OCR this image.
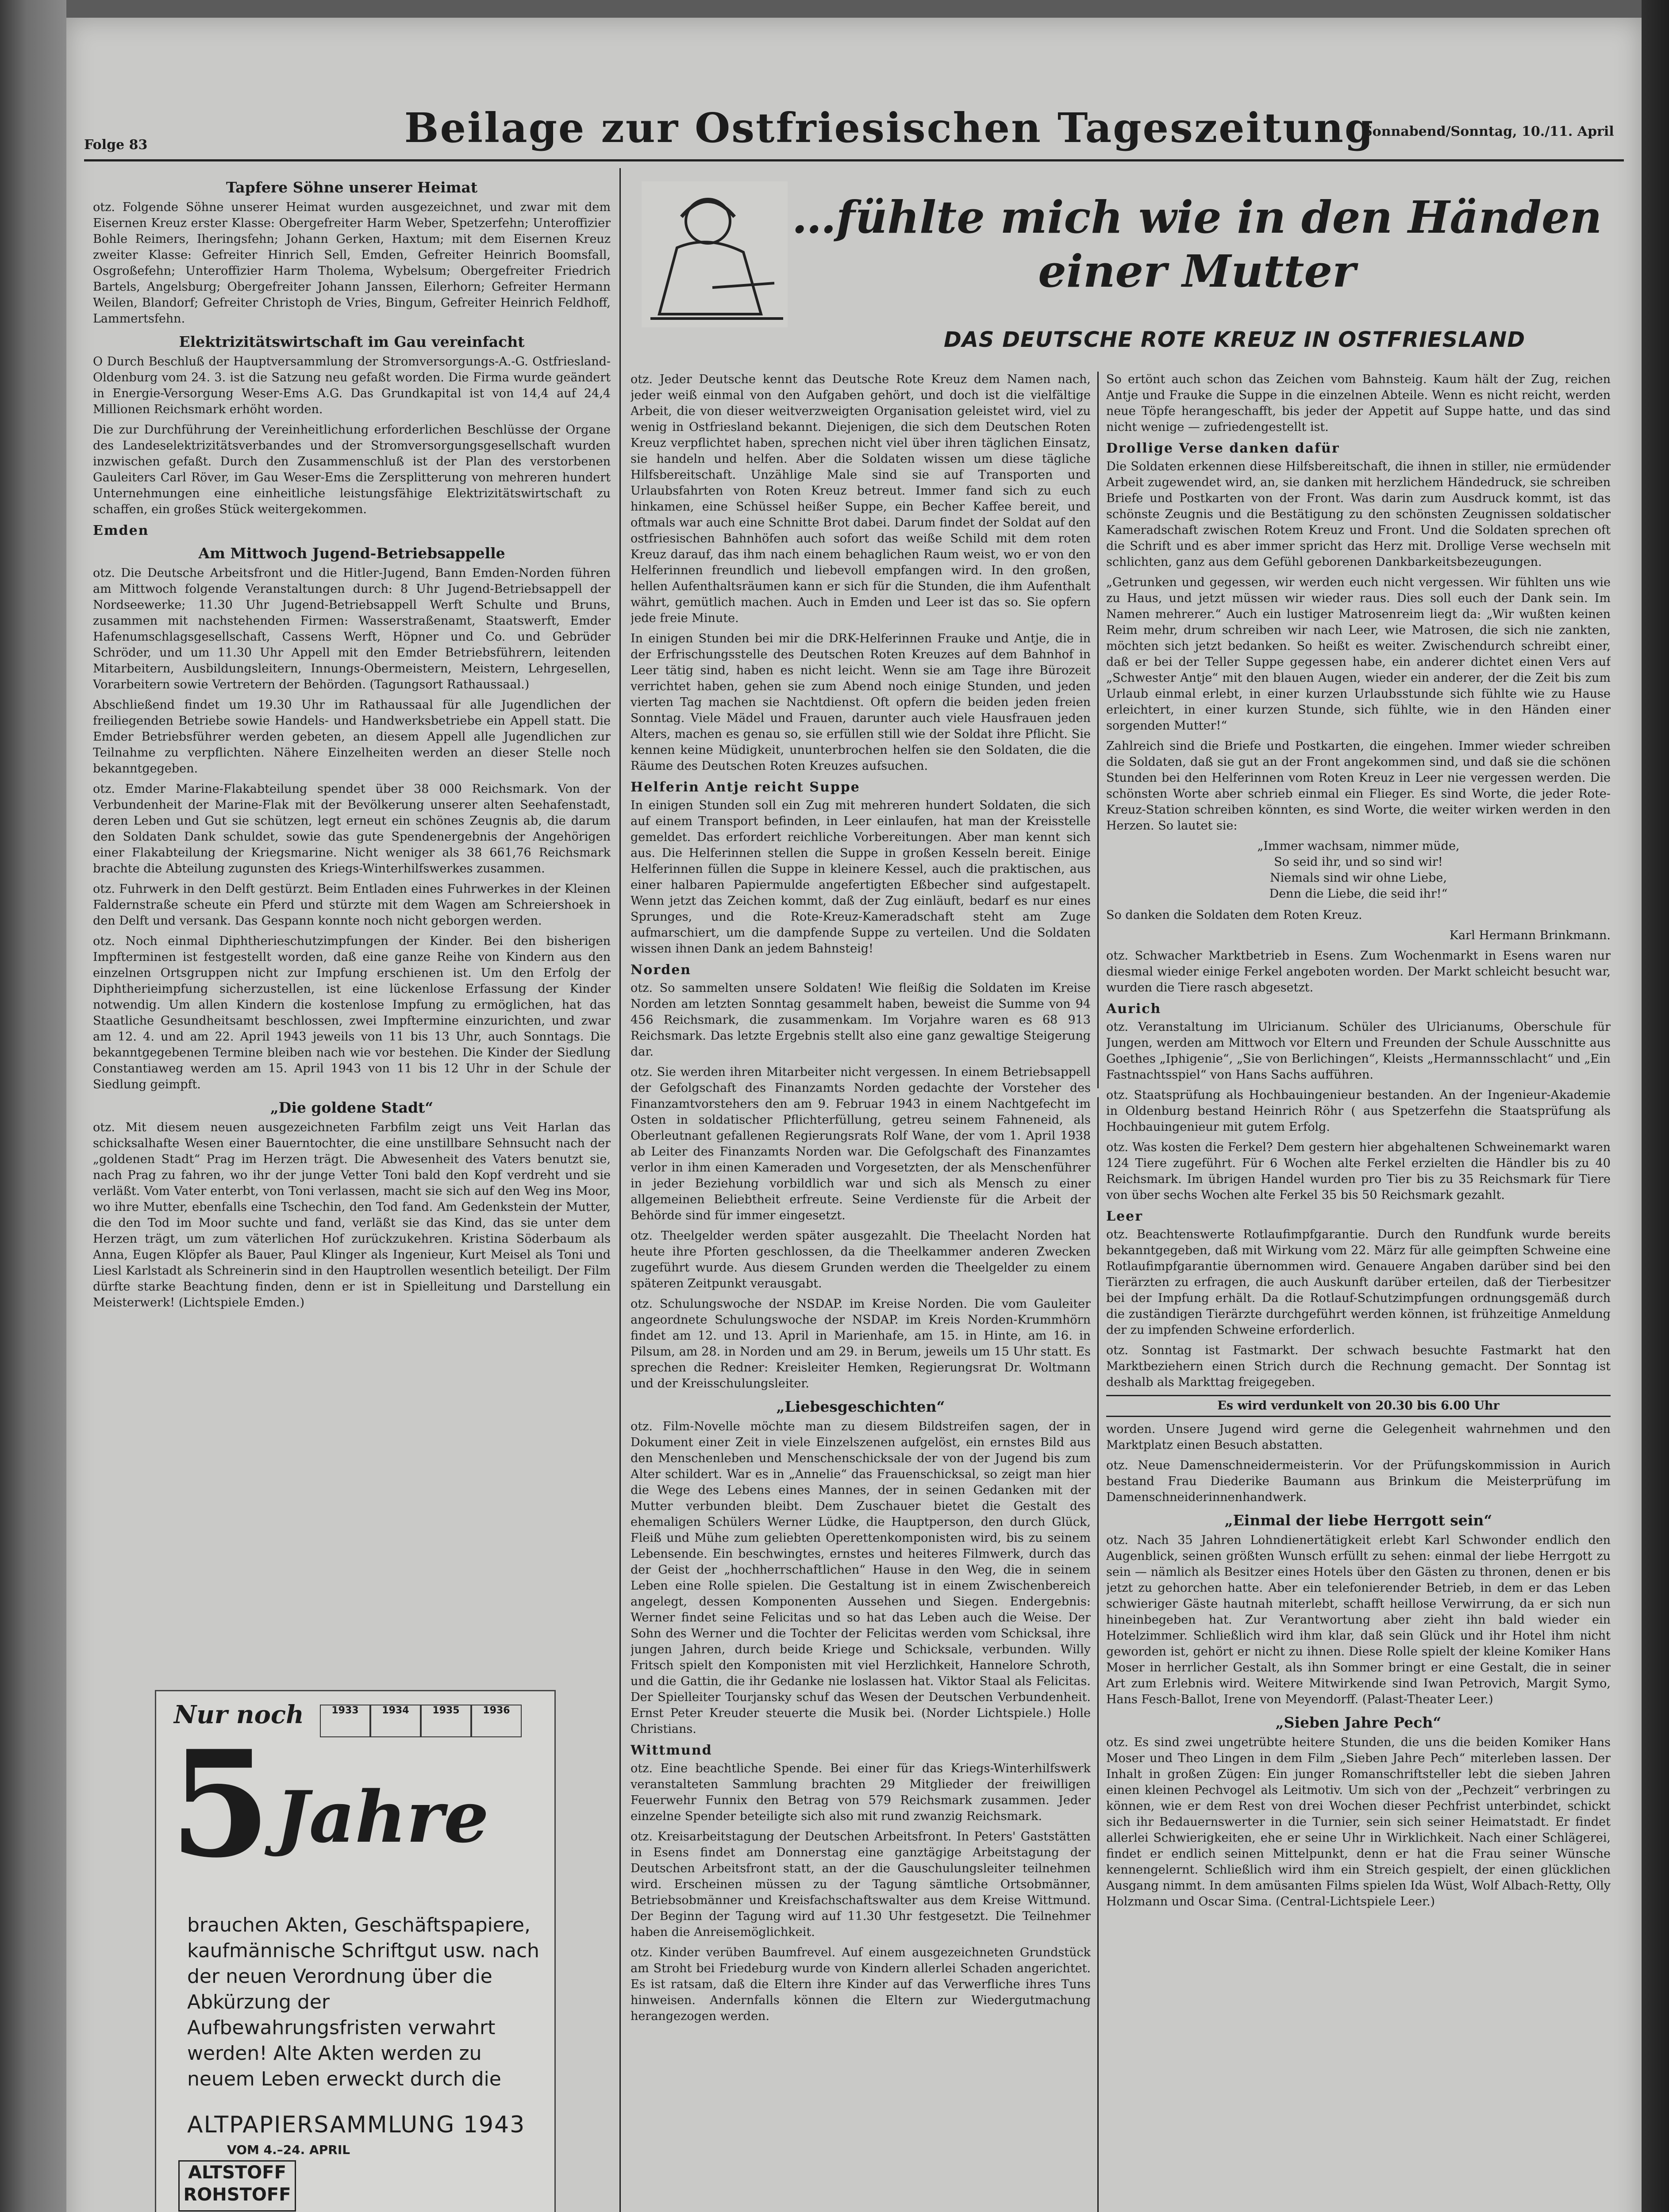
Folge 83	Beilage zur Ostfriesischen Tageszeitung
Sonnabend/Sonntag, 10./11. April
Tapfere Söhne unserer Heimat

otz. Folgende Söhne unserer Heimat wurden ausgezeichnet, und zwar mit dem Eisernen Kreuz erster Klasse: Obergefreiter Harm Weber, Spetzerfehn; Unteroffizier Bohle Reimers, Iheringsfehn; Johann Gerken, Haxtum; mit dem Eisernen Kreuz zweiter Klasse: Gefreiter Hinrich Sell, Emden, Gefreiter Heinrich Boomsfall, Osgroßefehn; Unteroffizier Harm Tholema, Wybelsum; Obergefreiter Friedrich Bartels, Angelsburg; Obergefreiter Johann Janssen, Eilerhorn; Gefreiter Hermann Weilen, Blandorf; Gefreiter Christoph de Vries, Bingum, Gefreiter Heinrich Feldhoff, Lammertsfehn.

Elektrizitätswirtschaft im Gau vereinfacht

O Durch Beschluß der Hauptversammlung der Stromversorgungs-A.-G. Ostfriesland-Oldenburg vom 24. 3. ist die Satzung neu gefaßt worden. Die Firma wurde geändert in Energie-Versorgung Weser-Ems A.G. Das Grundkapital ist von 14,4 auf 24,4 Millionen Reichsmark erhöht worden.

Die zur Durchführung der Vereinheitlichung erforderlichen Beschlüsse der Organe des Landeselektrizitätsverbandes und der Stromversorgungsgesellschaft wurden inzwischen gefaßt. Durch den Zusammenschluß ist der Plan des verstorbenen Gauleiters Carl Röver, im Gau Weser-Ems die Zersplitterung von mehreren hundert Unternehmungen eine einheitliche leistungsfähige Elektrizitätswirtschaft zu schaffen, ein großes Stück weitergekommen.

Emden
Am Mittwoch Jugend-Betriebsappelle

otz. Die Deutsche Arbeitsfront und die Hitler-Jugend, Bann Emden-Norden führen am Mittwoch folgende Veranstaltungen durch: 8 Uhr Jugend-Betriebsappell der Nordseewerke; 11.30 Uhr Jugend-Betriebsappell Werft Schulte und Bruns, zusammen mit nachstehenden Firmen: Wasserstraßenamt, Staatswerft, Emder Hafenumschlagsgesellschaft, Cassens Werft, Höpner und Co. und Gebrüder Schröder, und um 11.30 Uhr Appell mit den Emder Betriebsführern, leitenden Mitarbeitern, Ausbildungsleitern, Innungs-Obermeistern, Meistern, Lehrgesellen, Vorarbeitern sowie Vertretern der Behörden. (Tagungsort Rathaussaal.)

Abschließend findet um 19.30 Uhr im Rathaussaal für alle Jugendlichen der freiliegenden Betriebe sowie Handels- und Handwerksbetriebe ein Appell statt. Die Emder Betriebsführer werden gebeten, an diesem Appell alle Jugendlichen zur Teilnahme zu verpflichten. Nähere Einzelheiten werden an dieser Stelle noch bekanntgegeben.

otz. Emder Marine-Flakabteilung spendet über 38 000 Reichsmark. Von der Verbundenheit der Marine-Flak mit der Bevölkerung unserer alten Seehafenstadt, deren Leben und Gut sie schützen, legt erneut ein schönes Zeugnis ab, die darum den Soldaten Dank schuldet, sowie das gute Spendenergebnis der Angehörigen einer Flakabteilung der Kriegsmarine. Nicht weniger als 38 661,76 Reichsmark brachte die Abteilung zugunsten des Kriegs-Winterhilfswerkes zusammen.

otz. Fuhrwerk in den Delft gestürzt. Beim Entladen eines Fuhrwerkes in der Kleinen Faldernstraße scheute ein Pferd und stürzte mit dem Wagen am Schreiershoek in den Delft und versank. Das Gespann konnte noch nicht geborgen werden.

otz. Noch einmal Diphtherieschutzimpfungen der Kinder. Bei den bisherigen Impfterminen ist festgestellt worden, daß eine ganze Reihe von Kindern aus den einzelnen Ortsgruppen nicht zur Impfung erschienen ist. Um den Erfolg der Diphtherieimpfung sicherzustellen, ist eine lückenlose Erfassung der Kinder notwendig. Um allen Kindern die kostenlose Impfung zu ermöglichen, hat das Staatliche Gesundheitsamt beschlossen, zwei Impftermine einzurichten, und zwar am 12. 4. und am 22. April 1943 jeweils von 11 bis 13 Uhr, auch Sonntags. Die bekanntgegebenen Termine bleiben nach wie vor bestehen. Die Kinder der Siedlung Constantiaweg werden am 15. April 1943 von 11 bis 12 Uhr in der Schule der Siedlung geimpft.

„Die goldene Stadt“

otz. Mit diesem neuen ausgezeichneten Farbfilm zeigt uns Veit Harlan das schicksalhafte Wesen einer Bauerntochter, die eine unstillbare Sehnsucht nach der „goldenen Stadt“ Prag im Herzen trägt. Die Abwesenheit des Vaters benutzt sie, nach Prag zu fahren, wo ihr der junge Vetter Toni bald den Kopf verdreht und sie verläßt. Vom Vater enterbt, von Toni verlassen, macht sie sich auf den Weg ins Moor, wo ihre Mutter, ebenfalls eine Tschechin, den Tod fand. Am Gedenkstein der Mutter, die den Tod im Moor suchte und fand, verläßt sie das Kind, das sie unter dem Herzen trägt, um zum väterlichen Hof zurückzukehren. Kristina Söderbaum als Anna, Eugen Klöpfer als Bauer, Paul Klinger als Ingenieur, Kurt Meisel als Toni und Liesl Karlstadt als Schreinerin sind in den Hauptrollen wesentlich beteiligt. Der Film dürfte starke Beachtung finden, denn er ist in Spielleitung und Darstellung ein Meisterwerk! (Lichtspiele Emden.)

Nur noch	1933	1934	1935	1936
5 Jahre
brauchen Akten, Geschäftspapiere, kaufmännische Schriftgut usw. nach der neuen Verordnung über die Abkürzung der Aufbewahrungsfristen verwahrt werden! Alte Akten werden zu neuem Leben erweckt durch die
ALTPAPIERSAMMLUNG 1943
VOM 4.–24. APRIL
ALTSTOFF
ROHSTOFF
…fühlte mich wie in den Händen einer Mutter
DAS DEUTSCHE ROTE KREUZ IN OSTFRIESLAND

otz. Jeder Deutsche kennt das Deutsche Rote Kreuz dem Namen nach, jeder weiß einmal von den Aufgaben gehört, und doch ist die vielfältige Arbeit, die von dieser weitverzweigten Organisation geleistet wird, viel zu wenig in Ostfriesland bekannt. Diejenigen, die sich dem Deutschen Roten Kreuz verpflichtet haben, sprechen nicht viel über ihren täglichen Einsatz, sie handeln und helfen. Aber die Soldaten wissen um diese tägliche Hilfsbereitschaft. Unzählige Male sind sie auf Transporten und Urlaubsfahrten von Roten Kreuz betreut. Immer fand sich zu euch hinkamen, eine Schüssel heißer Suppe, ein Becher Kaffee bereit, und oftmals war auch eine Schnitte Brot dabei. Darum findet der Soldat auf den ostfriesischen Bahnhöfen auch sofort das weiße Schild mit dem roten Kreuz darauf, das ihm nach einem behaglichen Raum weist, wo er von den Helferinnen freundlich und liebevoll empfangen wird. In den großen, hellen Aufenthaltsräumen kann er sich für die Stunden, die ihm Aufenthalt währt, gemütlich machen. Auch in Emden und Leer ist das so. Sie opfern jede freie Minute.

In einigen Stunden bei mir die DRK-Helferinnen Frauke und Antje, die in der Erfrischungsstelle des Deutschen Roten Kreuzes auf dem Bahnhof in Leer tätig sind, haben es nicht leicht. Wenn sie am Tage ihre Bürozeit verrichtet haben, gehen sie zum Abend noch einige Stunden, und jeden vierten Tag machen sie Nachtdienst. Oft opfern die beiden jeden freien Sonntag. Viele Mädel und Frauen, darunter auch viele Hausfrauen jeden Alters, machen es genau so, sie erfüllen still wie der Soldat ihre Pflicht. Sie kennen keine Müdigkeit, ununterbrochen helfen sie den Soldaten, die die Räume des Deutschen Roten Kreuzes aufsuchen.

Helferin Antje reicht Suppe

In einigen Stunden soll ein Zug mit mehreren hundert Soldaten, die sich auf einem Transport befinden, in Leer einlaufen, hat man der Kreisstelle gemeldet. Das erfordert reichliche Vorbereitungen. Aber man kennt sich aus. Die Helferinnen stellen die Suppe in großen Kesseln bereit. Einige Helferinnen füllen die Suppe in kleinere Kessel, auch die praktischen, aus einer halbaren Papiermulde angefertigten Eßbecher sind aufgestapelt. Wenn jetzt das Zeichen kommt, daß der Zug einläuft, bedarf es nur eines Sprunges, und die Rote-Kreuz-Kameradschaft steht am Zuge aufmarschiert, um die dampfende Suppe zu verteilen. Und die Soldaten wissen ihnen Dank an jedem Bahnsteig!

Norden

otz. So sammelten unsere Soldaten! Wie fleißig die Soldaten im Kreise Norden am letzten Sonntag gesammelt haben, beweist die Summe von 94 456 Reichsmark, die zusammenkam. Im Vorjahre waren es 68 913 Reichsmark. Das letzte Ergebnis stellt also eine ganz gewaltige Steigerung dar.

otz. Sie werden ihren Mitarbeiter nicht vergessen. In einem Betriebsappell der Gefolgschaft des Finanzamts Norden gedachte der Vorsteher des Finanzamtvorstehers den am 9. Februar 1943 in einem Nachtgefecht im Osten in soldatischer Pflichterfüllung, getreu seinem Fahneneid, als Oberleutnant gefallenen Regierungsrats Rolf Wane, der vom 1. April 1938 ab Leiter des Finanzamts Norden war. Die Gefolgschaft des Finanzamtes verlor in ihm einen Kameraden und Vorgesetzten, der als Menschenführer in jeder Beziehung vorbildlich war und sich als Mensch zu einer allgemeinen Beliebtheit erfreute. Seine Verdienste für die Arbeit der Behörde sind für immer eingesetzt.

otz. Theelgelder werden später ausgezahlt. Die Theelacht Norden hat heute ihre Pforten geschlossen, da die Theelkammer anderen Zwecken zugeführt wurde. Aus diesem Grunden werden die Theelgelder zu einem späteren Zeitpunkt verausgabt.

otz. Schulungswoche der NSDAP. im Kreise Norden. Die vom Gauleiter angeordnete Schulungswoche der NSDAP. im Kreis Norden-Krummhörn findet am 12. und 13. April in Marienhafe, am 15. in Hinte, am 16. in Pilsum, am 28. in Norden und am 29. in Berum, jeweils um 15 Uhr statt. Es sprechen die Redner: Kreisleiter Hemken, Regierungsrat Dr. Woltmann und der Kreisschulungsleiter.

„Liebesgeschichten“

otz. Film-Novelle möchte man zu diesem Bildstreifen sagen, der in Dokument einer Zeit in viele Einzelszenen aufgelöst, ein ernstes Bild aus den Menschenleben und Menschenschicksale der von der Jugend bis zum Alter schildert. War es in „Annelie“ das Frauenschicksal, so zeigt man hier die Wege des Lebens eines Mannes, der in seinen Gedanken mit der Mutter verbunden bleibt. Dem Zuschauer bietet die Gestalt des ehemaligen Schülers Werner Lüdke, die Hauptperson, den durch Glück, Fleiß und Mühe zum geliebten Operettenkomponisten wird, bis zu seinem Lebensende. Ein beschwingtes, ernstes und heiteres Filmwerk, durch das der Geist der „hochherrschaftlichen“ Hause in den Weg, die in seinem Leben eine Rolle spielen. Die Gestaltung ist in einem Zwischenbereich angelegt, dessen Komponenten Aussehen und Siegen. Endergebnis: Werner findet seine Felicitas und so hat das Leben auch die Weise. Der Sohn des Werner und die Tochter der Felicitas werden vom Schicksal, ihre jungen Jahren, durch beide Kriege und Schicksale, verbunden. Willy Fritsch spielt den Komponisten mit viel Herzlichkeit, Hannelore Schroth, und die Gattin, die ihr Gedanke nie loslassen hat. Viktor Staal als Felicitas. Der Spielleiter Tourjansky schuf das Wesen der Deutschen Verbundenheit. Ernst Peter Kreuder steuerte die Musik bei. (Norder Lichtspiele.) Holle Christians.

Wittmund

otz. Eine beachtliche Spende. Bei einer für das Kriegs-Winterhilfswerk veranstalteten Sammlung brachten 29 Mitglieder der freiwilligen Feuerwehr Funnix den Betrag von 579 Reichsmark zusammen. Jeder einzelne Spender beteiligte sich also mit rund zwanzig Reichsmark.

otz. Kreisarbeitstagung der Deutschen Arbeitsfront. In Peters' Gaststätten in Esens findet am Donnerstag eine ganztägige Arbeitstagung der Deutschen Arbeitsfront statt, an der die Gauschulungsleiter teilnehmen wird. Erscheinen müssen zu der Tagung sämtliche Ortsobmänner, Betriebsobmänner und Kreisfachschaftswalter aus dem Kreise Wittmund. Der Beginn der Tagung wird auf 11.30 Uhr festgesetzt. Die Teilnehmer haben die Anreisemöglichkeit.

otz. Kinder verüben Baumfrevel. Auf einem ausgezeichneten Grundstück am Stroht bei Friedeburg wurde von Kindern allerlei Schaden angerichtet. Es ist ratsam, daß die Eltern ihre Kinder auf das Verwerfliche ihres Tuns hinweisen. Andernfalls können die Eltern zur Wiedergutmachung herangezogen werden.

So ertönt auch schon das Zeichen vom Bahnsteig. Kaum hält der Zug, reichen Antje und Frauke die Suppe in die einzelnen Abteile. Wenn es nicht reicht, werden neue Töpfe herangeschafft, bis jeder der Appetit auf Suppe hatte, und das sind nicht wenige — zufriedengestellt ist.

Drollige Verse danken dafür

Die Soldaten erkennen diese Hilfsbereitschaft, die ihnen in stiller, nie ermüdender Arbeit zugewendet wird, an, sie danken mit herzlichem Händedruck, sie schreiben Briefe und Postkarten von der Front. Was darin zum Ausdruck kommt, ist das schönste Zeugnis und die Bestätigung zu den schönsten Zeugnissen soldatischer Kameradschaft zwischen Rotem Kreuz und Front. Und die Soldaten sprechen oft die Schrift und es aber immer spricht das Herz mit. Drollige Verse wechseln mit schlichten, ganz aus dem Gefühl geborenen Dankbarkeitsbezeugungen.

„Getrunken und gegessen, wir werden euch nicht vergessen. Wir fühlten uns wie zu Haus, und jetzt müssen wir wieder raus. Dies soll euch der Dank sein. Im Namen mehrerer.“ Auch ein lustiger Matrosenreim liegt da: „Wir wußten keinen Reim mehr, drum schreiben wir nach Leer, wie Matrosen, die sich nie zankten, möchten sich jetzt bedanken. So heißt es weiter. Zwischendurch schreibt einer, daß er bei der Teller Suppe gegessen habe, ein anderer dichtet einen Vers auf „Schwester Antje“ mit den blauen Augen, wieder ein anderer, der die Zeit bis zum Urlaub einmal erlebt, in einer kurzen Urlaubsstunde sich fühlte wie zu Hause erleichtert, in einer kurzen Stunde, sich fühlte, wie in den Händen einer sorgenden Mutter!“

Zahlreich sind die Briefe und Postkarten, die eingehen. Immer wieder schreiben die Soldaten, daß sie gut an der Front angekommen sind, und daß sie die schönen Stunden bei den Helferinnen vom Roten Kreuz in Leer nie vergessen werden. Die schönsten Worte aber schrieb einmal ein Flieger. Es sind Worte, die jeder Rote-Kreuz-Station schreiben könnten, es sind Worte, die weiter wirken werden in den Herzen. So lautet sie:

„Immer wachsam, nimmer müde,
So seid ihr, und so sind wir!
Niemals sind wir ohne Liebe,
Denn die Liebe, die seid ihr!“

So danken die Soldaten dem Roten Kreuz.

Karl Hermann Brinkmann.

otz. Schwacher Marktbetrieb in Esens. Zum Wochenmarkt in Esens waren nur diesmal wieder einige Ferkel angeboten worden. Der Markt schleicht besucht war, wurden die Tiere rasch abgesetzt.

Aurich

otz. Veranstaltung im Ulricianum. Schüler des Ulricianums, Oberschule für Jungen, werden am Mittwoch vor Eltern und Freunden der Schule Ausschnitte aus Goethes „Iphigenie“, „Sie von Berlichingen“, Kleists „Hermannsschlacht“ und „Ein Fastnachtsspiel“ von Hans Sachs aufführen.

otz. Staatsprüfung als Hochbauingenieur bestanden. An der Ingenieur-Akademie in Oldenburg bestand Heinrich Röhr ( aus Spetzerfehn die Staatsprüfung als Hochbauingenieur mit gutem Erfolg.

otz. Was kosten die Ferkel? Dem gestern hier abgehaltenen Schweinemarkt waren 124 Tiere zugeführt. Für 6 Wochen alte Ferkel erzielten die Händler bis zu 40 Reichsmark. Im übrigen Handel wurden pro Tier bis zu 35 Reichsmark für Tiere von über sechs Wochen alte Ferkel 35 bis 50 Reichsmark gezahlt.

Leer

otz. Beachtenswerte Rotlaufimpfgarantie. Durch den Rundfunk wurde bereits bekanntgegeben, daß mit Wirkung vom 22. März für alle geimpften Schweine eine Rotlaufimpfgarantie übernommen wird. Genauere Angaben darüber sind bei den Tierärzten zu erfragen, die auch Auskunft darüber erteilen, daß der Tierbesitzer bei der Impfung erhält. Da die Rotlauf-Schutzimpfungen ordnungsgemäß durch die zuständigen Tierärzte durchgeführt werden können, ist frühzeitige Anmeldung der zu impfenden Schweine erforderlich.

otz. Sonntag ist Fastmarkt. Der schwach besuchte Fastmarkt hat den Marktbeziehern einen Strich durch die Rechnung gemacht. Der Sonntag ist deshalb als Markttag freigegeben.

Es wird verdunkelt von 20.30 bis 6.00 Uhr

worden. Unsere Jugend wird gerne die Gelegenheit wahrnehmen und den Marktplatz einen Besuch abstatten.

otz. Neue Damenschneidermeisterin. Vor der Prüfungskommission in Aurich bestand Frau Diederike Baumann aus Brinkum die Meisterprüfung im Damenschneiderinnenhandwerk.

„Einmal der liebe Herrgott sein“

otz. Nach 35 Jahren Lohndienertätigkeit erlebt Karl Schwonder endlich den Augenblick, seinen größten Wunsch erfüllt zu sehen: einmal der liebe Herrgott zu sein — nämlich als Besitzer eines Hotels über den Gästen zu thronen, denen er bis jetzt zu gehorchen hatte. Aber ein telefonierender Betrieb, in dem er das Leben schwieriger Gäste hautnah miterlebt, schafft heillose Verwirrung, da er sich nun hineinbegeben hat. Zur Verantwortung aber zieht ihn bald wieder ein Hotelzimmer. Schließlich wird ihm klar, daß sein Glück und ihr Hotel ihm nicht geworden ist, gehört er nicht zu ihnen. Diese Rolle spielt der kleine Komiker Hans Moser in herrlicher Gestalt, als ihn Sommer bringt er eine Gestalt, die in seiner Art zum Erlebnis wird. Weitere Mitwirkende sind Iwan Petrovich, Margit Symo, Hans Fesch-Ballot, Irene von Meyendorff. (Palast-Theater Leer.)

„Sieben Jahre Pech“

otz. Es sind zwei ungetrübte heitere Stunden, die uns die beiden Komiker Hans Moser und Theo Lingen in dem Film „Sieben Jahre Pech“ miterleben lassen. Der Inhalt in großen Zügen: Ein junger Romanschriftsteller lebt die sieben Jahren einen kleinen Pechvogel als Leitmotiv. Um sich von der „Pechzeit“ verbringen zu können, wie er dem Rest von drei Wochen dieser Pechfrist unterbindet, schickt sich ihr Bedauernswerter in die Turnier, sein sich seiner Heimatstadt. Er findet allerlei Schwierigkeiten, ehe er seine Uhr in Wirklichkeit. Nach einer Schlägerei, findet er endlich seinen Mittelpunkt, denn er hat die Frau seiner Wünsche kennengelernt. Schließlich wird ihm ein Streich gespielt, der einen glücklichen Ausgang nimmt. In dem amüsanten Films spielen Ida Wüst, Wolf Albach-Retty, Olly Holzmann und Oscar Sima. (Central-Lichtspiele Leer.)
